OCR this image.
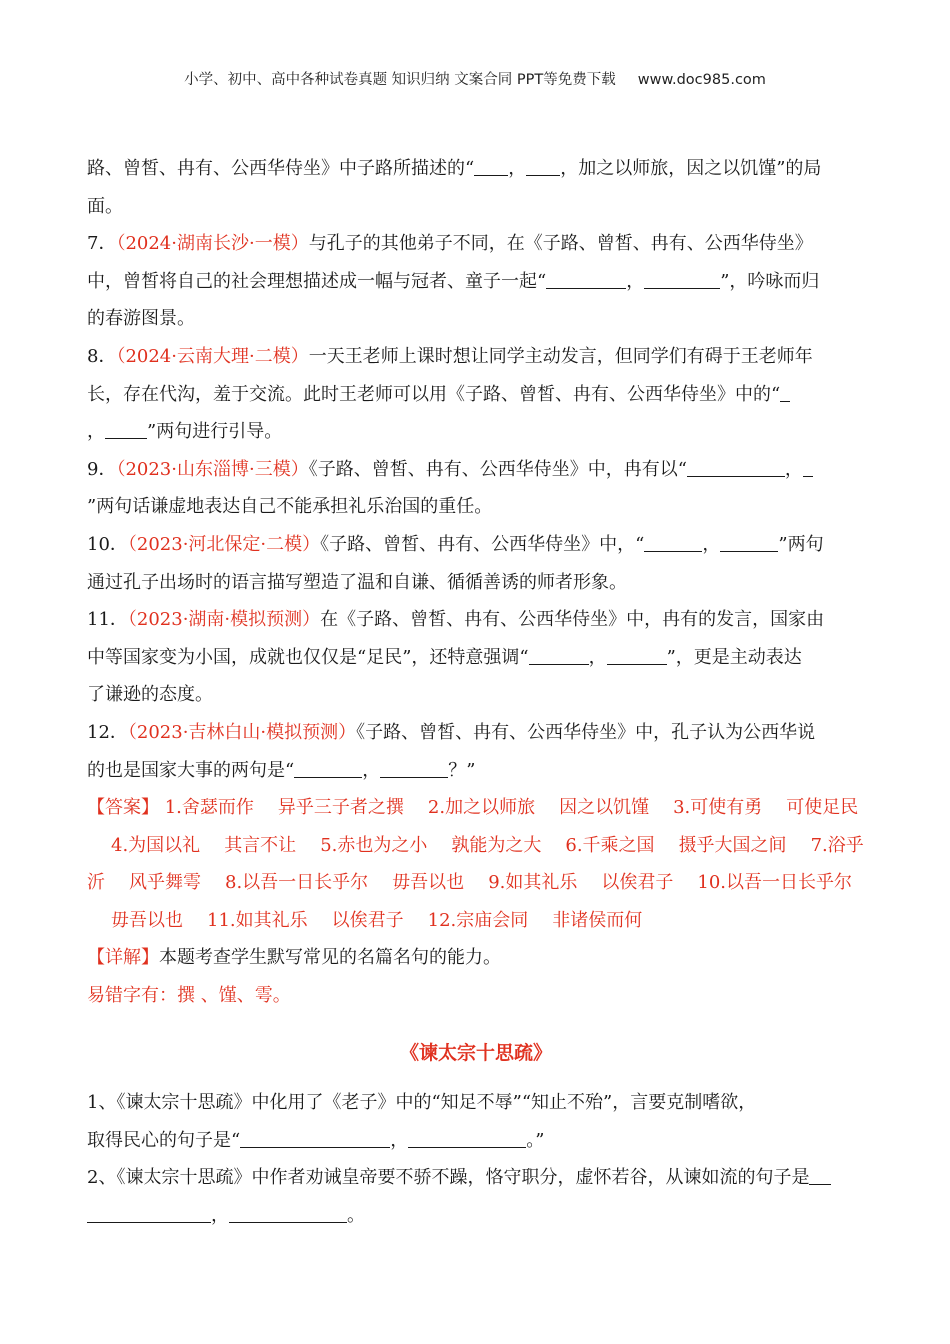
小学、初中、高中各种试卷真题 知识归纳 文案合同 PPT等免费下载 www.doc985.com

路、曾皙、冉有、公西华侍坐》中子路所描述的“ ， ，加之以师旅，因之以饥馑”的局
面。

7．（2024·湖南长沙·一模）与孔子的其他弟子不同，在《子路、曾皙、冉有、公西华侍坐》
中，曾皙将自己的社会理想描述成一幅与冠者、童子一起“	，	”，吟咏而归
的春游图景。

8．（2024·云南大理·二模）一天王老师上课时想让同学主动发言，但同学们有碍于王老师年
长，存在代沟，羞于交流。此时王老师可以用《子路、曾皙、冉有、公西华侍坐》中的“
， ”两句进行引导。

9．（2023·山东淄博·三模）《子路、曾皙、冉有、公西华侍坐》中，冉有以“	，
”两句话谦虚地表达自己不能承担礼乐治国的重任。

10．（2023·河北保定·二模）《子路、曾皙、冉有、公西华侍坐》中，“	，	”两句
通过孔子出场时的语言描写塑造了温和自谦、循循善诱的师者形象。

11．（2023·湖南·模拟预测）在《子路、曾皙、冉有、公西华侍坐》中，冉有的发言，国家由
中等国家变为小国，成就也仅仅是“足民”，还特意强调“	，	”，更是主动表达
了谦逊的态度。

12．（2023·吉林白山·模拟预测）《子路、曾皙、冉有、公西华侍坐》中，孔子认为公西华说
的也是国家大事的两句是“	，	？”

【答案】 1.舍瑟而作 异乎三子者之撰 2.加之以师旅 因之以饥馑 3.可使有勇 可使足民4.为国以礼 其言不让 5.赤也为之小 孰能为之大 6.千乘之国 摄乎大国之间 7.浴乎沂 风乎舞雩 8.以吾一日长乎尔 毋吾以也 9.如其礼乐 以俟君子 10.以吾一日长乎尔毋吾以也 11.如其礼乐 以俟君子 12.宗庙会同 非诸侯而何

【详解】本题考查学生默写常见的名篇名句的能力。
易错字有：撰 、馑、雩。

《谏太宗十思疏》

1、《谏太宗十思疏》中化用了《老子》中的“知足不辱”“知止不殆”，言要克制嗜欲，
取得民心的句子是“	，	。”

2、《谏太宗十思疏》中作者劝诫皇帝要不骄不躁，恪守职分，虚怀若谷，从谏如流的句子是
，	。
